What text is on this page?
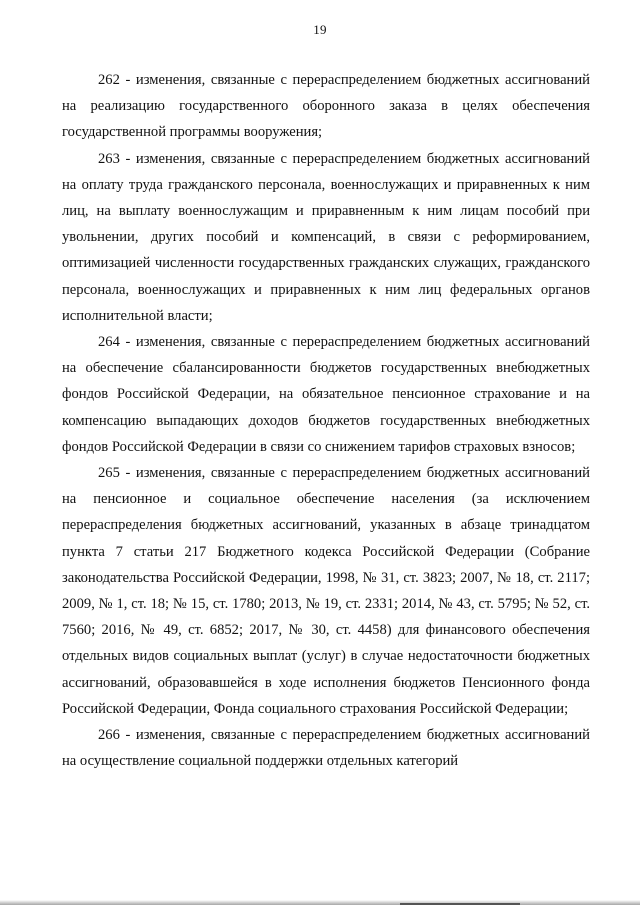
19

262 - изменения, связанные с перераспределением бюджетных ассигнований на реализацию государственного оборонного заказа в целях обеспечения государственной программы вооружения;

263 - изменения, связанные с перераспределением бюджетных ассигнований на оплату труда гражданского персонала, военнослужащих и приравненных к ним лиц, на выплату военнослужащим и приравненным к ним лицам пособий при увольнении, других пособий и компенсаций, в связи с реформированием, оптимизацией численности государственных гражданских служащих, гражданского персонала, военнослужащих и приравненных к ним лиц федеральных органов исполнительной власти;

264 - изменения, связанные с перераспределением бюджетных ассигнований на обеспечение сбалансированности бюджетов государственных внебюджетных фондов Российской Федерации, на обязательное пенсионное страхование и на компенсацию выпадающих доходов бюджетов государственных внебюджетных фондов Российской Федерации в связи со снижением тарифов страховых взносов;

265 - изменения, связанные с перераспределением бюджетных ассигнований на пенсионное и социальное обеспечение населения (за исключением перераспределения бюджетных ассигнований, указанных в абзаце тринадцатом пункта 7 статьи 217 Бюджетного кодекса Российской Федерации (Собрание законодательства Российской Федерации, 1998, № 31, ст. 3823; 2007, № 18, ст. 2117; 2009, № 1, ст. 18; № 15, ст. 1780; 2013, № 19, ст. 2331; 2014, № 43, ст. 5795; № 52, ст. 7560; 2016, № 49, ст. 6852; 2017, № 30, ст. 4458) для финансового обеспечения отдельных видов социальных выплат (услуг) в случае недостаточности бюджетных ассигнований, образовавшейся в ходе исполнения бюджетов Пенсионного фонда Российской Федерации, Фонда социального страхования Российской Федерации;

266 - изменения, связанные с перераспределением бюджетных ассигнований на осуществление социальной поддержки отдельных категорий
